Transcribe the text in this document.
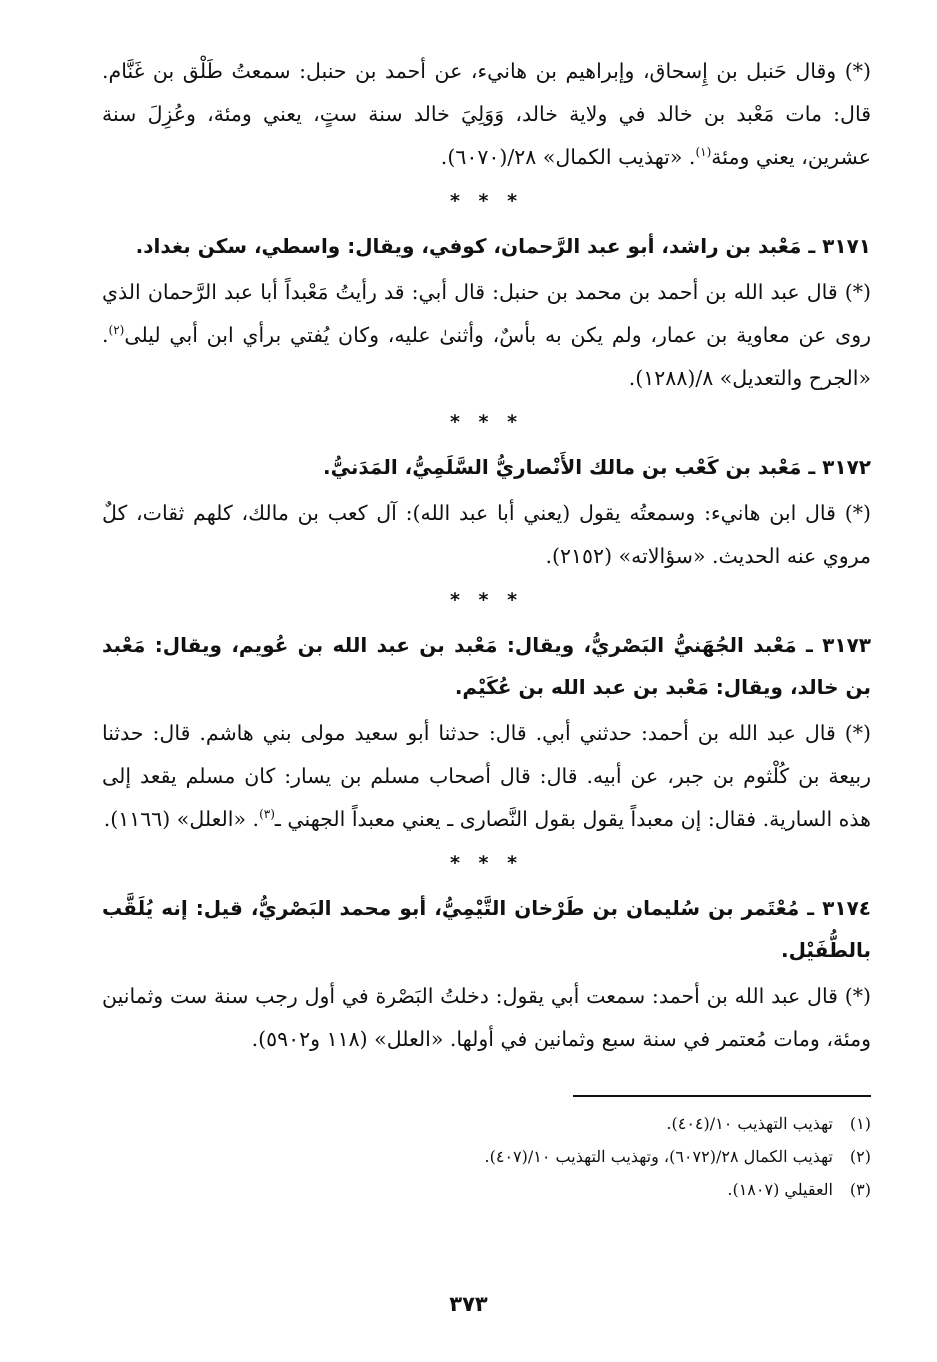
(*) وقال حَنبل بن إِسحاق، وإبراهيم بن هانيء، عن أحمد بن حنبل: سمعتُ طَلْق بن غَنَّام. قال: مات مَعْبد بن خالد في ولاية خالد، وَوَلِيَ خالد سنة ستٍ، يعني ومئة، وعُزِلَ سنة عشرين، يعني ومئة$^{(١)}$. «تهذيب الكمال» ٢٨/(٦٠٧٠).

* * *
٣١٧١ ـ مَعْبد بن راشد، أبو عبد الرَّحمان، كوفي، ويقال: واسطي، سكن بغداد.

(*) قال عبد الله بن أحمد بن محمد بن حنبل: قال أبي: قد رأيتُ مَعْبداً أبا عبد الرَّحمان الذي روى عن معاوية بن عمار، ولم يكن به بأسٌ، وأثنىٰ عليه، وكان يُفتي برأي ابن أبي ليلى$^{(٢)}$. «الجرح والتعديل» ٨/(١٢٨٨).

* * *
٣١٧٢ ـ مَعْبد بن كَعْب بن مالك الأَنْصاريُّ السَّلَمِيُّ، المَدَنيُّ.

(*) قال ابن هانيء: وسمعتُه يقول (يعني أبا عبد الله): آل كعب بن مالك، كلهم ثقات، كلٌ مروي عنه الحديث. «سؤالاته» (٢١٥٢).

* * *
٣١٧٣ ـ مَعْبد الجُهَنيُّ البَصْريُّ، ويقال: مَعْبد بن عبد الله بن عُويم، ويقال: مَعْبد بن خالد، ويقال: مَعْبد بن عبد الله بن عُكَيْم.

(*) قال عبد الله بن أحمد: حدثني أبي. قال: حدثنا أبو سعيد مولى بني هاشم. قال: حدثنا ربيعة بن كُلْثوم بن جبر، عن أبيه. قال: قال أصحاب مسلم بن يسار: كان مسلم يقعد إلى هذه السارية. فقال: إن معبداً يقول بقول النَّصارى ـ يعني معبداً الجهني ـ$^{(٣)}$. «العلل» (١١٦٦).

* * *
٣١٧٤ ـ مُعْتَمر بن سُليمان بن طَرْخان التَّيْمِيُّ، أبو محمد البَصْريُّ، قيل: إنه يُلَقَّب بالطُّفَيْل.

(*) قال عبد الله بن أحمد: سمعت أبي يقول: دخلتُ البَصْرة في أول رجب سنة ست وثمانين ومئة، ومات مُعتمر في سنة سبع وثمانين في أولها. «العلل» (١١٨ و٥٩٠٢).

(١)تهذيب التهذيب ١٠/(٤٠٤).

(٢)تهذيب الكمال ٢٨/(٦٠٧٢)، وتهذيب التهذيب ١٠/(٤٠٧).

(٣)العقيلي (١٨٠٧).

٣٧٣
